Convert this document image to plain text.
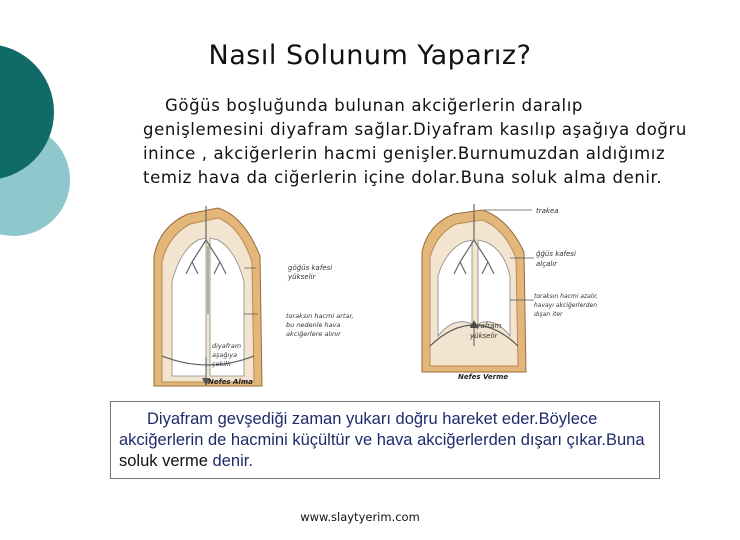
Nasıl Solunum Yaparız?
Göğüs boşluğunda bulunan akciğerlerin daralıp genişlemesini diyafram sağlar.Diyafram kasılıp aşağıya doğru inince , akciğerlerin hacmi genişler.Burnumuzdan aldığımız temiz hava da ciğerlerin içine dolar.Buna soluk alma denir.
göğüs kafesi
yükselir
toraksın hacmi artar,
bu nedenle hava
akciğerlere alınır
diyafram
aşağıya
çekilir
Nefes Alma
trakea
ğğüs kafesi
alçalır
toraksın hacmi azalır,
havayı akciğerlerden
dışarı iter
diyafram
yükselir
Nefes Verme
Diyafram gevşediği zaman yukarı doğru hareket eder.Böylece akciğerlerin de hacmini küçültür ve hava akciğerlerden dışarı çıkar.Buna soluk verme denir.
www.slaytyerim.com
